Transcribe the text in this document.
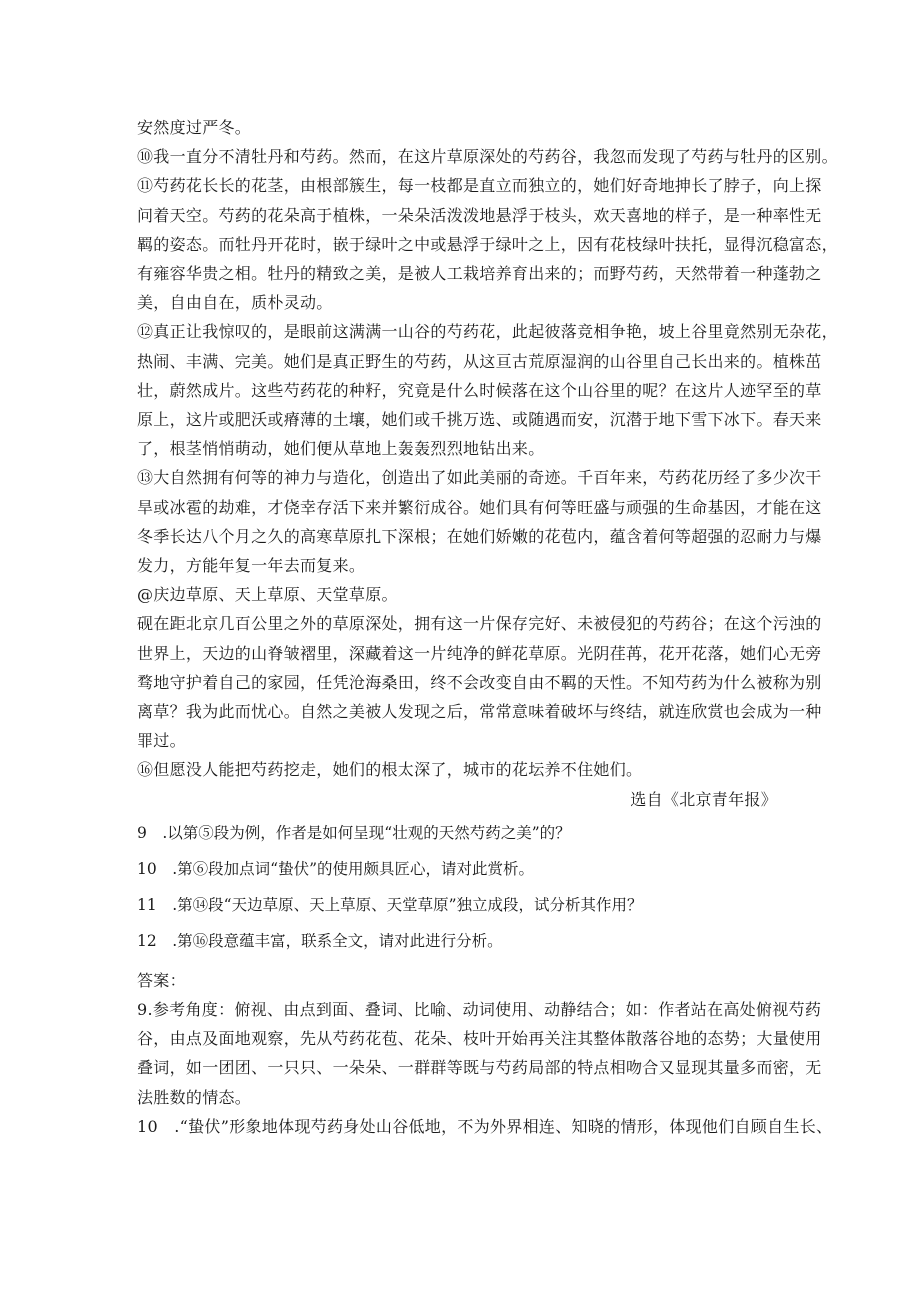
安然度过严冬。
⑩我一直分不清牡丹和芍药。然而，在这片草原深处的芍药谷，我忽而发现了芍药与牡丹的区别。
⑪芍药花长长的花茎，由根部簇生，每一枝都是直立而独立的，她们好奇地抻长了脖子，向上探
问着天空。芍药的花朵高于植株，一朵朵活泼泼地悬浮于枝头，欢天喜地的样子，是一种率性无
羁的姿态。而牡丹开花时，嵌于绿叶之中或悬浮于绿叶之上，因有花枝绿叶扶托，显得沉稳富态，
有雍容华贵之相。牡丹的精致之美，是被人工栽培养育出来的；而野芍药，天然带着一种蓬勃之
美，自由自在，质朴灵动。
⑫真正让我惊叹的，是眼前这满满一山谷的芍药花，此起彼落竞相争艳，坡上谷里竟然别无杂花，
热闹、丰满、完美。她们是真正野生的芍药，从这亘古荒原湿润的山谷里自己长出来的。植株茁
壮，蔚然成片。这些芍药花的种籽，究竟是什么时候落在这个山谷里的呢？在这片人迹罕至的草
原上，这片或肥沃或瘠薄的土壤，她们或千挑万选、或随遇而安，沉潜于地下雪下冰下。春天来
了，根茎悄悄萌动，她们便从草地上轰轰烈烈地钻出来。
⑬大自然拥有何等的神力与造化，创造出了如此美丽的奇迹。千百年来，芍药花历经了多少次干
旱或冰雹的劫难，才侥幸存活下来并繁衍成谷。她们具有何等旺盛与顽强的生命基因，才能在这
冬季长达八个月之久的高寒草原扎下深根；在她们娇嫩的花苞内，蕴含着何等超强的忍耐力与爆
发力，方能年复一年去而复来。
@庆边草原、天上草原、天堂草原。
砚在距北京几百公里之外的草原深处，拥有这一片保存完好、未被侵犯的芍药谷；在这个污浊的
世界上，天边的山脊皱褶里，深藏着这一片纯净的鲜花草原。光阴荏苒，花开花落，她们心无旁
骛地守护着自己的家园，任凭沧海桑田，终不会改变自由不羁的天性。不知芍药为什么被称为别
离草？我为此而忧心。自然之美被人发现之后，常常意味着破坏与终结，就连欣赏也会成为一种
罪过。
⑯但愿没人能把芍药挖走，她们的根太深了，城市的花坛养不住她们。
选自《北京青年报》
9　.以第⑤段为例，作者是如何呈现“壮观的天然芍药之美”的？
10　.第⑥段加点词“蛰伏”的使用颇具匠心，请对此赏析。
11　.第⑭段“天边草原、天上草原、天堂草原”独立成段，试分析其作用？
12　.第⑯段意蕴丰富，联系全文，请对此进行分析。
答案：
9.参考角度：俯视、由点到面、叠词、比喻、动词使用、动静结合；如：作者站在高处俯视芍药
谷，由点及面地观察，先从芍药花苞、花朵、枝叶开始再关注其整体散落谷地的态势；大量使用
叠词，如一团团、一只只、一朵朵、一群群等既与芍药局部的特点相吻合又显现其量多而密，无
法胜数的情态。
10　.“蛰伏”形象地体现芍药身处山谷低地，不为外界相连、知晓的情形，体现他们自顾自生长、
